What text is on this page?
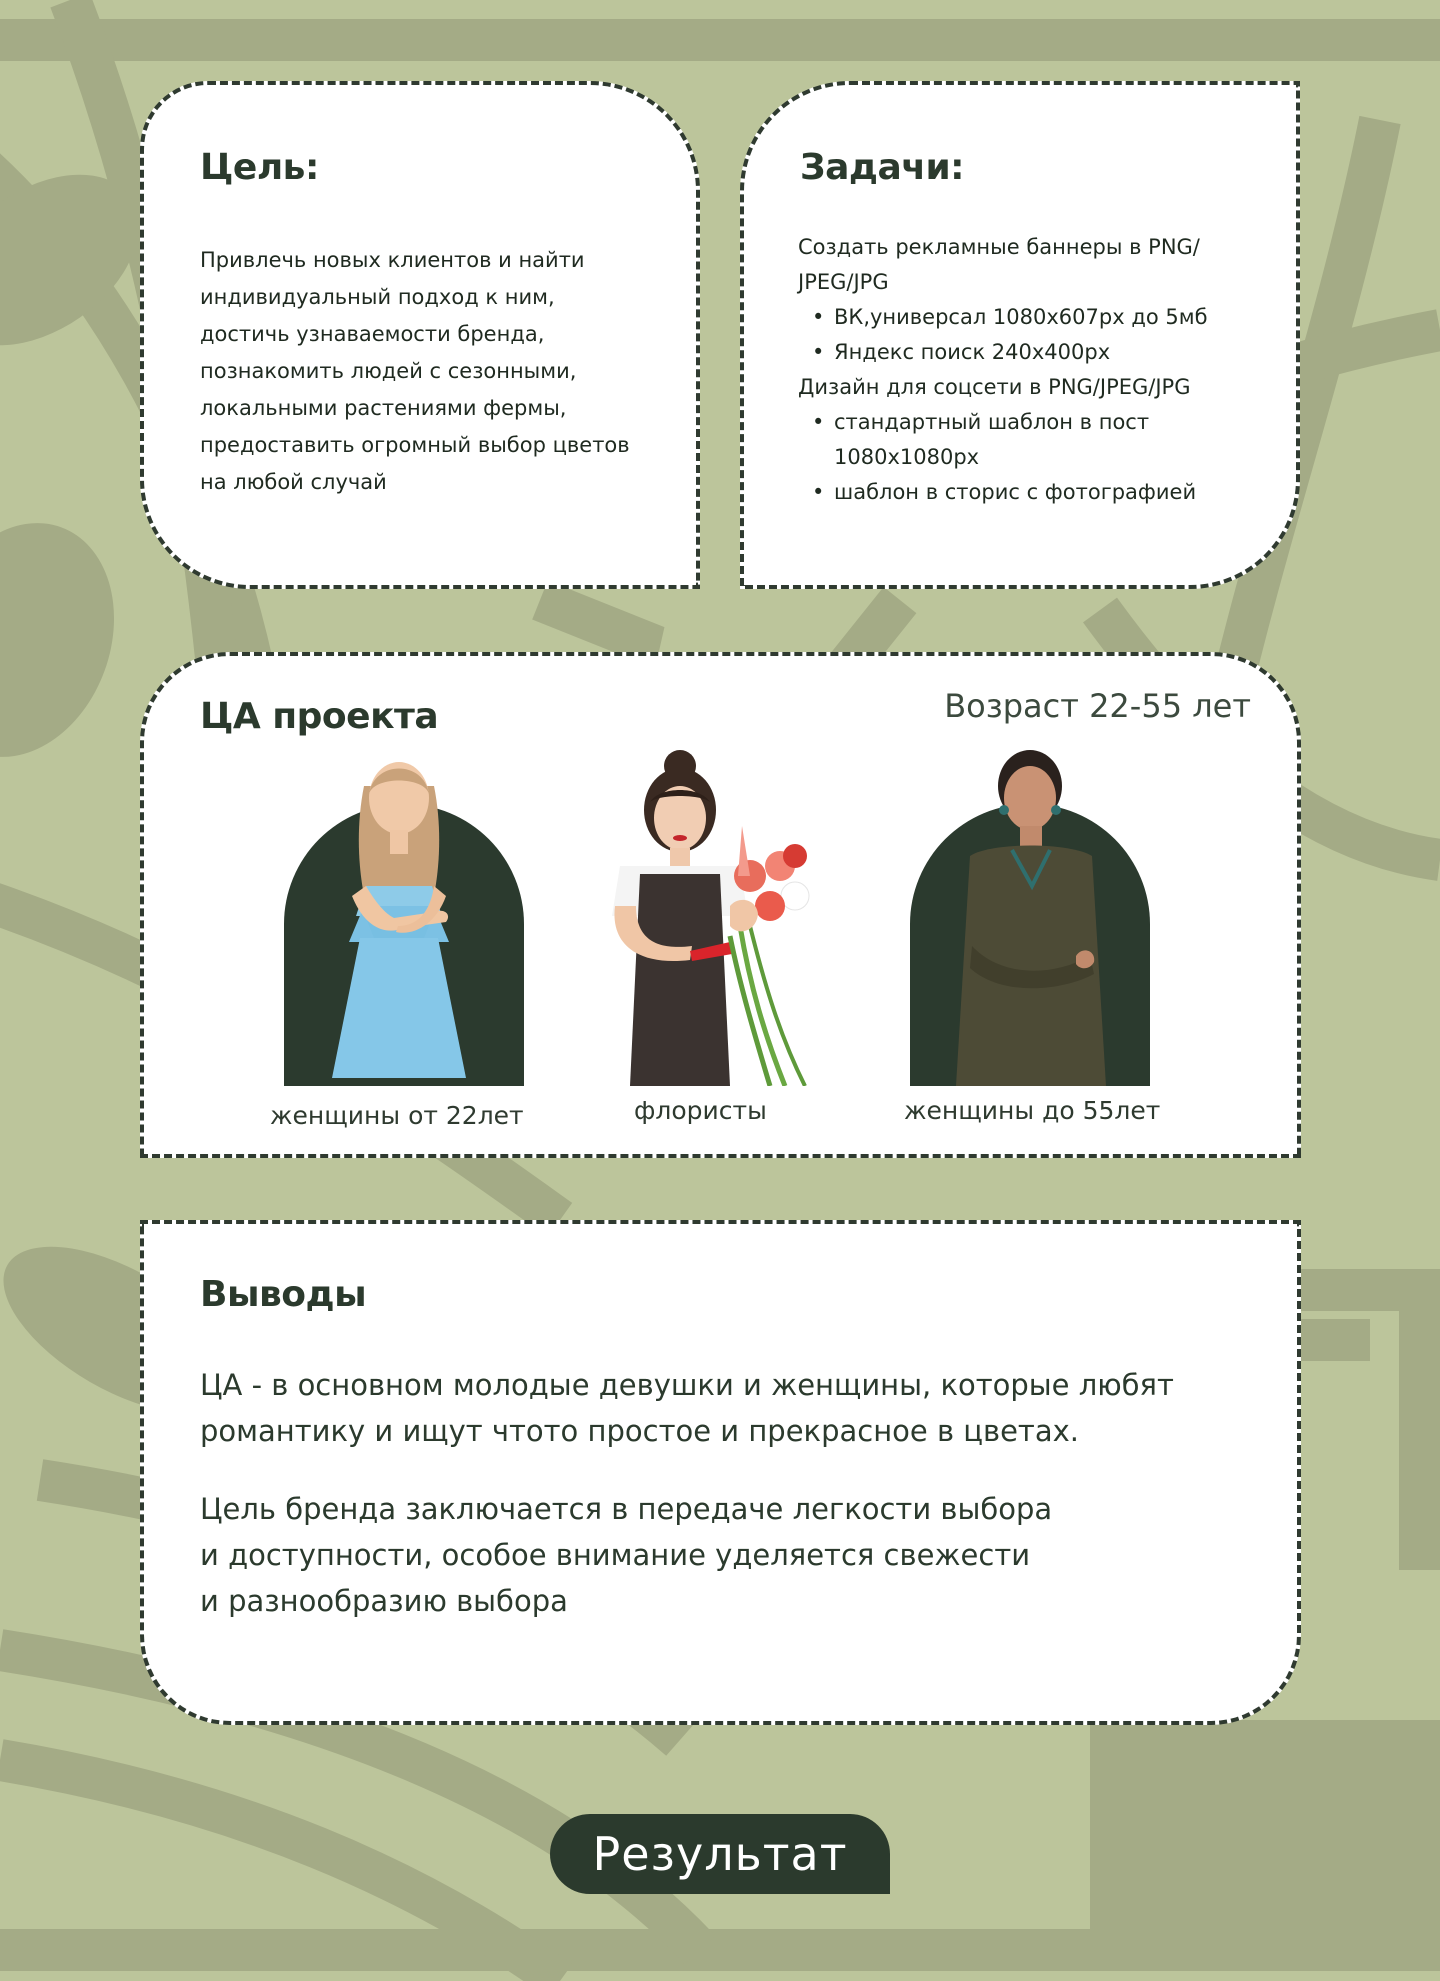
Цель:
Привлечь новых клиентов и найти
индивидуальный подход к ним,
достичь узнаваемости бренда,
познакомить людей с сезонными,
локальными растениями фермы,
предоставить огромный выбор цветов
на любой случай
Задачи:
Создать рекламные баннеры в PNG/
JPEG/JPG
• ВК,универсал 1080x607px до 5мб
• Яндекс поиск 240x400px
Дизайн для соцсети в PNG/JPEG/JPG
• стандартный шаблон в пост
1080x1080px
• шаблон в сторис с фотографией
ЦА проекта	Возраст 22-55 лет
женщины от 22лет	флористы	женщины до 55лет
Выводы
ЦА - в основном молодые девушки и женщины, которые любят
романтику и ищут чтото простое и прекрасное в цветах.
Цель бренда заключается в передаче легкости выбора
и доступности, особое внимание уделяется свежести
и разнообразию выбора
Результат
